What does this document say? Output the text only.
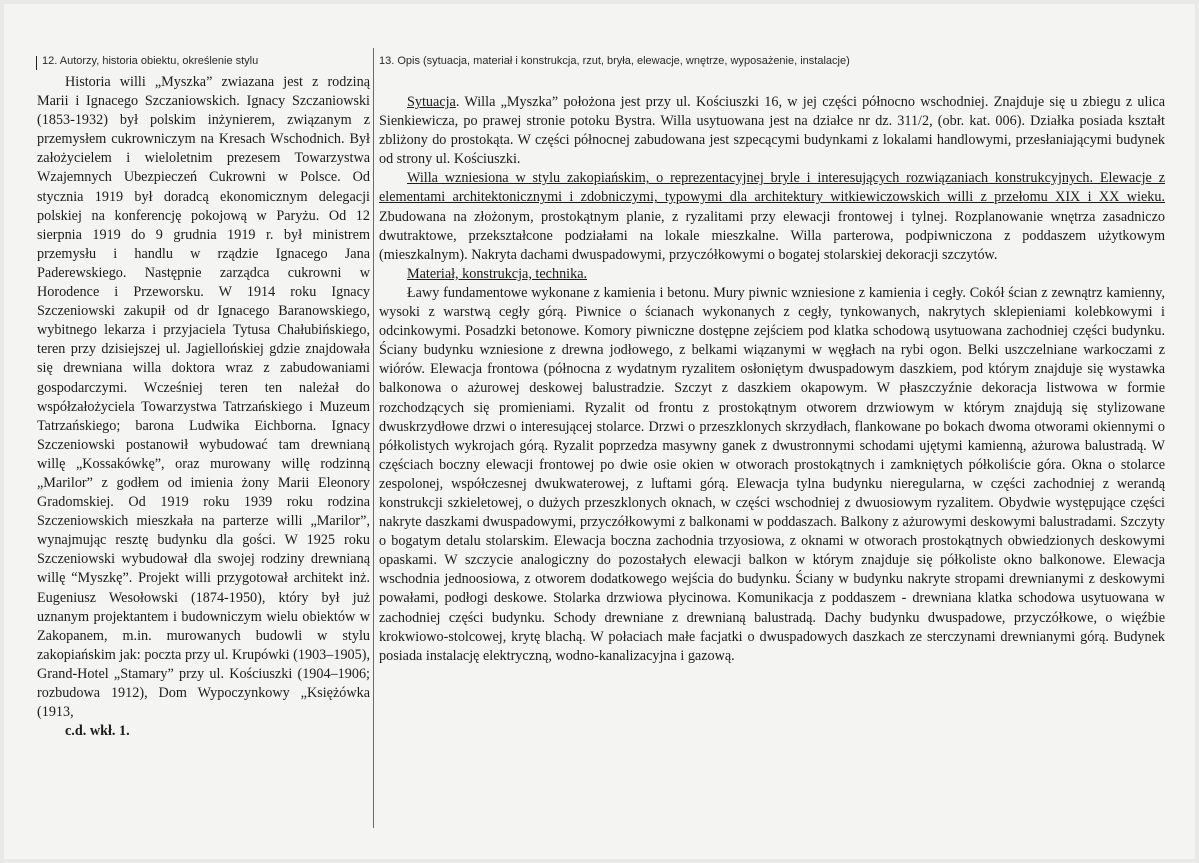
12. Autorzy, historia obiektu, określenie stylu	13. Opis (sytuacja, materiał i konstrukcja, rzut, bryła, elewacje, wnętrze, wyposażenie, instalacje)

Historia willi „Myszka” zwiazana jest z rodziną Marii i Ignacego Szczaniowskich. Ignacy Szczaniowski (1853-1932) był polskim inżynierem, związanym z przemysłem cukrowniczym na Kresach Wschodnich. Był założycielem i wieloletnim prezesem Towarzystwa Wzajemnych Ubezpieczeń Cukrowni w Polsce. Od stycznia 1919 był doradcą ekonomicznym delegacji polskiej na konferencję pokojową w Paryżu. Od 12 sierpnia 1919 do 9 grudnia 1919 r. był ministrem przemysłu i handlu w rządzie Ignacego Jana Paderewskiego. Następnie zarządca cukrowni w Horodence i Przeworsku. W 1914 roku Ignacy Szczeniowski zakupił od dr Ignacego Baranowskiego, wybitnego lekarza i przyjaciela Tytusa Chałubińskiego, teren przy dzisiejszej ul. Jagiellońskiej gdzie znajdowała się drewniana willa doktora wraz z zabudowaniami gospodarczymi. Wcześniej teren ten należał do współzałożyciela Towarzystwa Tatrzańskiego i Muzeum Tatrzańskiego; barona Ludwika Eichborna. Ignacy Szczeniowski postanowił wybudować tam drewnianą willę „Kossakówkę”, oraz murowany willę rodzinną „Marilor” z godłem od imienia żony Marii Eleonory Gradomskiej. Od 1919 roku 1939 roku rodzina Szczeniowskich mieszkała na parterze willi „Marilor”, wynajmując resztę budynku dla gości. W 1925 roku Szczeniowski wybudował dla swojej rodziny drewnianą willę “Myszkę”. Projekt willi przygotował architekt inż. Eugeniusz Wesołowski (1874-1950), który był już uznanym projektantem i budowniczym wielu obiektów w Zakopanem, m.in. murowanych budowli w stylu zakopiańskim jak: poczta przy ul. Krupówki (1903–1905), Grand-Hotel „Stamary” przy ul. Kościuszki (1904–1906; rozbudowa 1912), Dom Wypoczynkowy „Księżówka (1913,

c.d. wkł. 1.

Sytuacja. Willa „Myszka” położona jest przy ul. Kościuszki 16, w jej części północno wschodniej. Znajduje się u zbiegu z ulica Sienkiewicza, po prawej stronie potoku Bystra. Willa usytuowana jest na działce nr dz. 311/2, (obr. kat. 006). Działka posiada kształt zbliżony do prostokąta. W części północnej zabudowana jest szpecącymi budynkami z lokalami handlowymi, przesłaniającymi budynek od strony ul. Kościuszki.

Willa wzniesiona w stylu zakopiańskim, o reprezentacyjnej bryle i interesujących rozwiązaniach konstrukcyjnych. Elewacje z elementami architektonicznymi i zdobniczymi, typowymi dla architektury witkiewiczowskich willi z przełomu XIX i XX wieku. Zbudowana na złożonym, prostokątnym planie, z ryzalitami przy elewacji frontowej i tylnej. Rozplanowanie wnętrza zasadniczo dwutraktowe, przekształcone podziałami na lokale mieszkalne. Willa parterowa, podpiwniczona z poddaszem użytkowym (mieszkalnym). Nakryta dachami dwuspadowymi, przyczółkowymi o bogatej stolarskiej dekoracji szczytów.

Materiał, konstrukcja, technika.

Ławy fundamentowe wykonane z kamienia i betonu. Mury piwnic wzniesione z kamienia i cegły. Cokół ścian z zewnątrz kamienny, wysoki z warstwą cegły górą. Piwnice o ścianach wykonanych z cegły, tynkowanych, nakrytych sklepieniami kolebkowymi i odcinkowymi. Posadzki betonowe. Komory piwniczne dostępne zejściem pod klatka schodową usytuowana zachodniej części budynku. Ściany budynku wzniesione z drewna jodłowego, z belkami wiązanymi w węgłach na rybi ogon. Belki uszczelniane warkoczami z wiórów. Elewacja frontowa (północna z wydatnym ryzalitem osłoniętym dwuspadowym daszkiem, pod którym znajduje się wystawka balkonowa o ażurowej deskowej balustradzie. Szczyt z daszkiem okapowym. W płaszczyźnie dekoracja listwowa w formie rozchodzących się promieniami. Ryzalit od frontu z prostokątnym otworem drzwiowym w którym znajdują się stylizowane dwuskrzydłowe drzwi o interesującej stolarce. Drzwi o przeszklonych skrzydłach, flankowane po bokach dwoma otworami okiennymi o półkolistych wykrojach górą. Ryzalit poprzedza masywny ganek z dwustronnymi schodami ujętymi kamienną, ażurowa balustradą. W częściach boczny elewacji frontowej po dwie osie okien w otworach prostokątnych i zamkniętych półkoliście góra. Okna o stolarce zespolonej, współczesnej dwukwaterowej, z luftami górą. Elewacja tylna budynku nieregularna, w części zachodniej z werandą konstrukcji szkieletowej, o dużych przeszklonych oknach, w części wschodniej z dwuosiowym ryzalitem. Obydwie występujące części nakryte daszkami dwuspadowymi, przyczółkowymi z balkonami w poddaszach. Balkony z ażurowymi deskowymi balustradami. Szczyty o bogatym detalu stolarskim. Elewacja boczna zachodnia trzyosiowa, z oknami w otworach prostokątnych obwiedzionych deskowymi opaskami. W szczycie analogiczny do pozostałych elewacji balkon w którym znajduje się półkoliste okno balkonowe. Elewacja wschodnia jednoosiowa, z otworem dodatkowego wejścia do budynku. Ściany w budynku nakryte stropami drewnianymi z deskowymi powałami, podłogi deskowe. Stolarka drzwiowa płycinowa. Komunikacja z poddaszem - drewniana klatka schodowa usytuowana w zachodniej części budynku. Schody drewniane z drewnianą balustradą. Dachy budynku dwuspadowe, przyczółkowe, o więźbie krokwiowo-stolcowej, krytę blachą. W połaciach małe facjatki o dwuspadowych daszkach ze sterczynami drewnianymi górą. Budynek posiada instalację elektryczną, wodno-kanalizacyjna i gazową.
